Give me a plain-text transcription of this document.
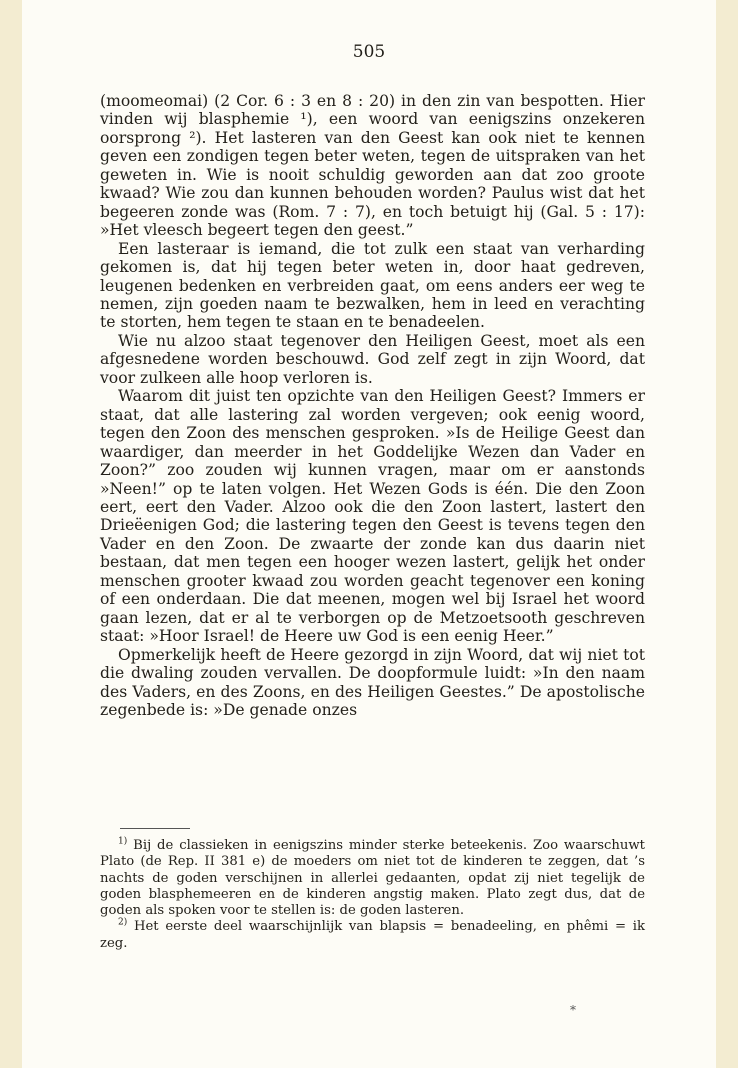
505

(moomeomai) (2 Cor. 6 : 3 en 8 : 20) in den zin van bespotten. Hier vinden wij blasphemie ¹), een woord van eenigszins onzekeren oorsprong ²). Het lasteren van den Geest kan ook niet te kennen geven een zondigen tegen beter weten, tegen de uitspraken van het geweten in. Wie is nooit schuldig geworden aan dat zoo groote kwaad? Wie zou dan kunnen behouden worden? Paulus wist dat het begeeren zonde was (Rom. 7 : 7), en toch betuigt hij (Gal. 5 : 17): »Het vleesch begeert tegen den geest.”

Een lasteraar is iemand, die tot zulk een staat van verharding gekomen is, dat hij tegen beter weten in, door haat gedreven, leugenen bedenken en verbreiden gaat, om eens anders eer weg te nemen, zijn goeden naam te bezwalken, hem in leed en verachting te storten, hem tegen te staan en te benadeelen.

Wie nu alzoo staat tegenover den Heiligen Geest, moet als een afgesnedene worden beschouwd. God zelf zegt in zijn Woord, dat voor zulkeen alle hoop verloren is.

Waarom dit juist ten opzichte van den Heiligen Geest? Immers er staat, dat alle lastering zal worden vergeven; ook eenig woord, tegen den Zoon des menschen gesproken. »Is de Heilige Geest dan waardiger, dan meerder in het Goddelijke Wezen dan Vader en Zoon?” zoo zouden wij kunnen vragen, maar om er aanstonds »Neen!” op te laten volgen. Het Wezen Gods is één. Die den Zoon eert, eert den Vader. Alzoo ook die den Zoon lastert, lastert den Drieëenigen God; die lastering tegen den Geest is tevens tegen den Vader en den Zoon. De zwaarte der zonde kan dus daarin niet bestaan, dat men tegen een hooger wezen lastert, gelijk het onder menschen grooter kwaad zou worden geacht tegenover een koning of een onderdaan. Die dat meenen, mogen wel bij Israel het woord gaan lezen, dat er al te verborgen op de Metzoetsooth geschreven staat: »Hoor Israel! de Heere uw God is een eenig Heer.”

Opmerkelijk heeft de Heere gezorgd in zijn Woord, dat wij niet tot die dwaling zouden vervallen. De doopformule luidt: »In den naam des Vaders, en des Zoons, en des Heiligen Geestes.” De apostolische zegenbede is: »De genade onzes

$^{1)}$ Bij de classieken in eenigszins minder sterke beteekenis. Zoo waarschuwt Plato (de Rep. II 381 e) de moeders om niet tot de kinderen te zeggen, dat ’s nachts de goden verschijnen in allerlei gedaanten, opdat zij niet tegelijk de goden blasphemeeren en de kinderen angstig maken. Plato zegt dus, dat de goden als spoken voor te stellen is: de goden lasteren.

$^{2)}$ Het eerste deel waarschijnlijk van blapsis = benadeeling, en phêmi = ik zeg.

*
